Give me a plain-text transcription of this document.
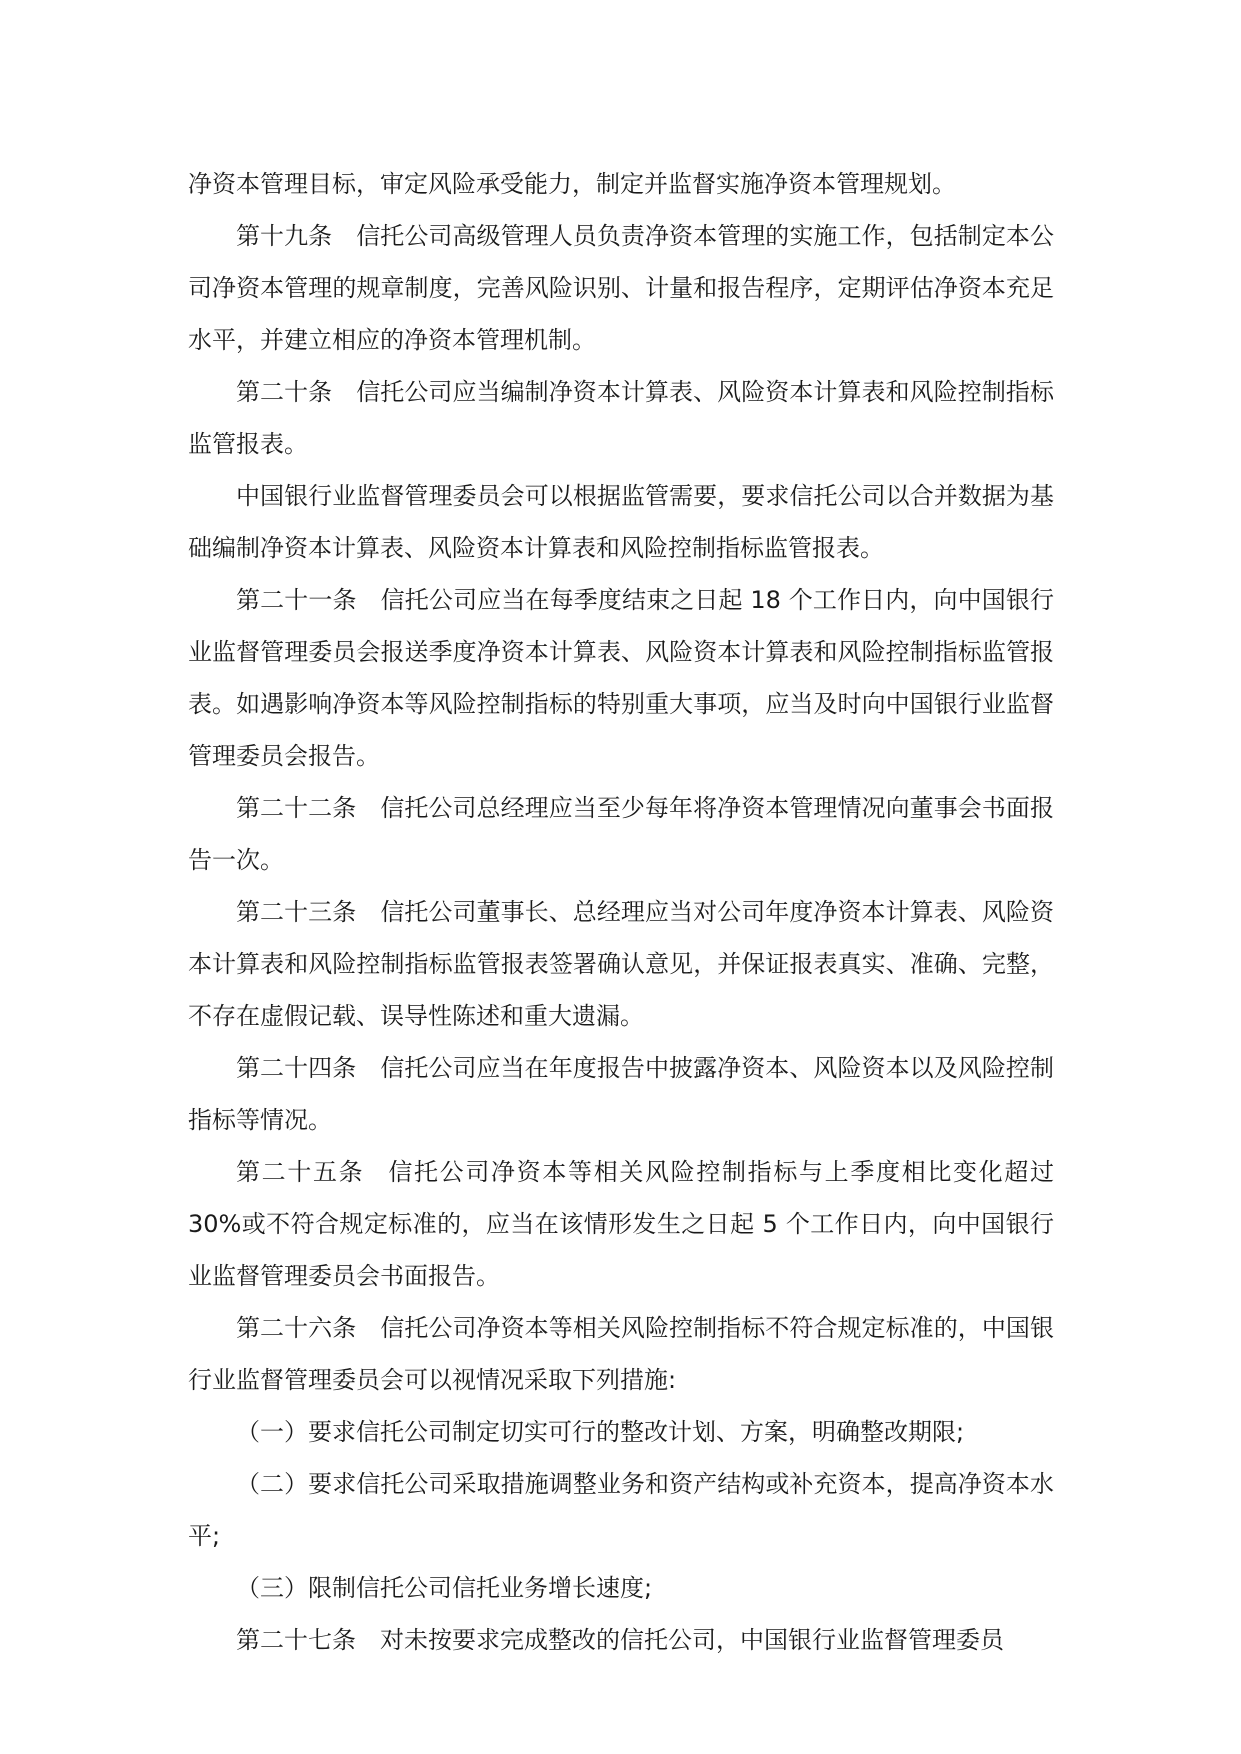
净资本管理目标，审定风险承受能力，制定并监督实施净资本管理规划。

第十九条 信托公司高级管理人员负责净资本管理的实施工作，包括制定本公司净资本管理的规章制度，完善风险识别、计量和报告程序，定期评估净资本充足水平，并建立相应的净资本管理机制。

第二十条 信托公司应当编制净资本计算表、风险资本计算表和风险控制指标监管报表。

中国银行业监督管理委员会可以根据监管需要，要求信托公司以合并数据为基础编制净资本计算表、风险资本计算表和风险控制指标监管报表。

第二十一条 信托公司应当在每季度结束之日起 18 个工作日内，向中国银行业监督管理委员会报送季度净资本计算表、风险资本计算表和风险控制指标监管报表。如遇影响净资本等风险控制指标的特别重大事项，应当及时向中国银行业监督管理委员会报告。

第二十二条 信托公司总经理应当至少每年将净资本管理情况向董事会书面报告一次。

第二十三条 信托公司董事长、总经理应当对公司年度净资本计算表、风险资本计算表和风险控制指标监管报表签署确认意见，并保证报表真实、准确、完整，不存在虚假记载、误导性陈述和重大遗漏。

第二十四条 信托公司应当在年度报告中披露净资本、风险资本以及风险控制指标等情况。

第二十五条 信托公司净资本等相关风险控制指标与上季度相比变化超过 30%或不符合规定标准的，应当在该情形发生之日起 5 个工作日内，向中国银行业监督管理委员会书面报告。

第二十六条 信托公司净资本等相关风险控制指标不符合规定标准的，中国银行业监督管理委员会可以视情况采取下列措施:

（一）要求信托公司制定切实可行的整改计划、方案，明确整改期限;

（二）要求信托公司采取措施调整业务和资产结构或补充资本，提高净资本水平;

（三）限制信托公司信托业务增长速度;

第二十七条 对未按要求完成整改的信托公司，中国银行业监督管理委员
